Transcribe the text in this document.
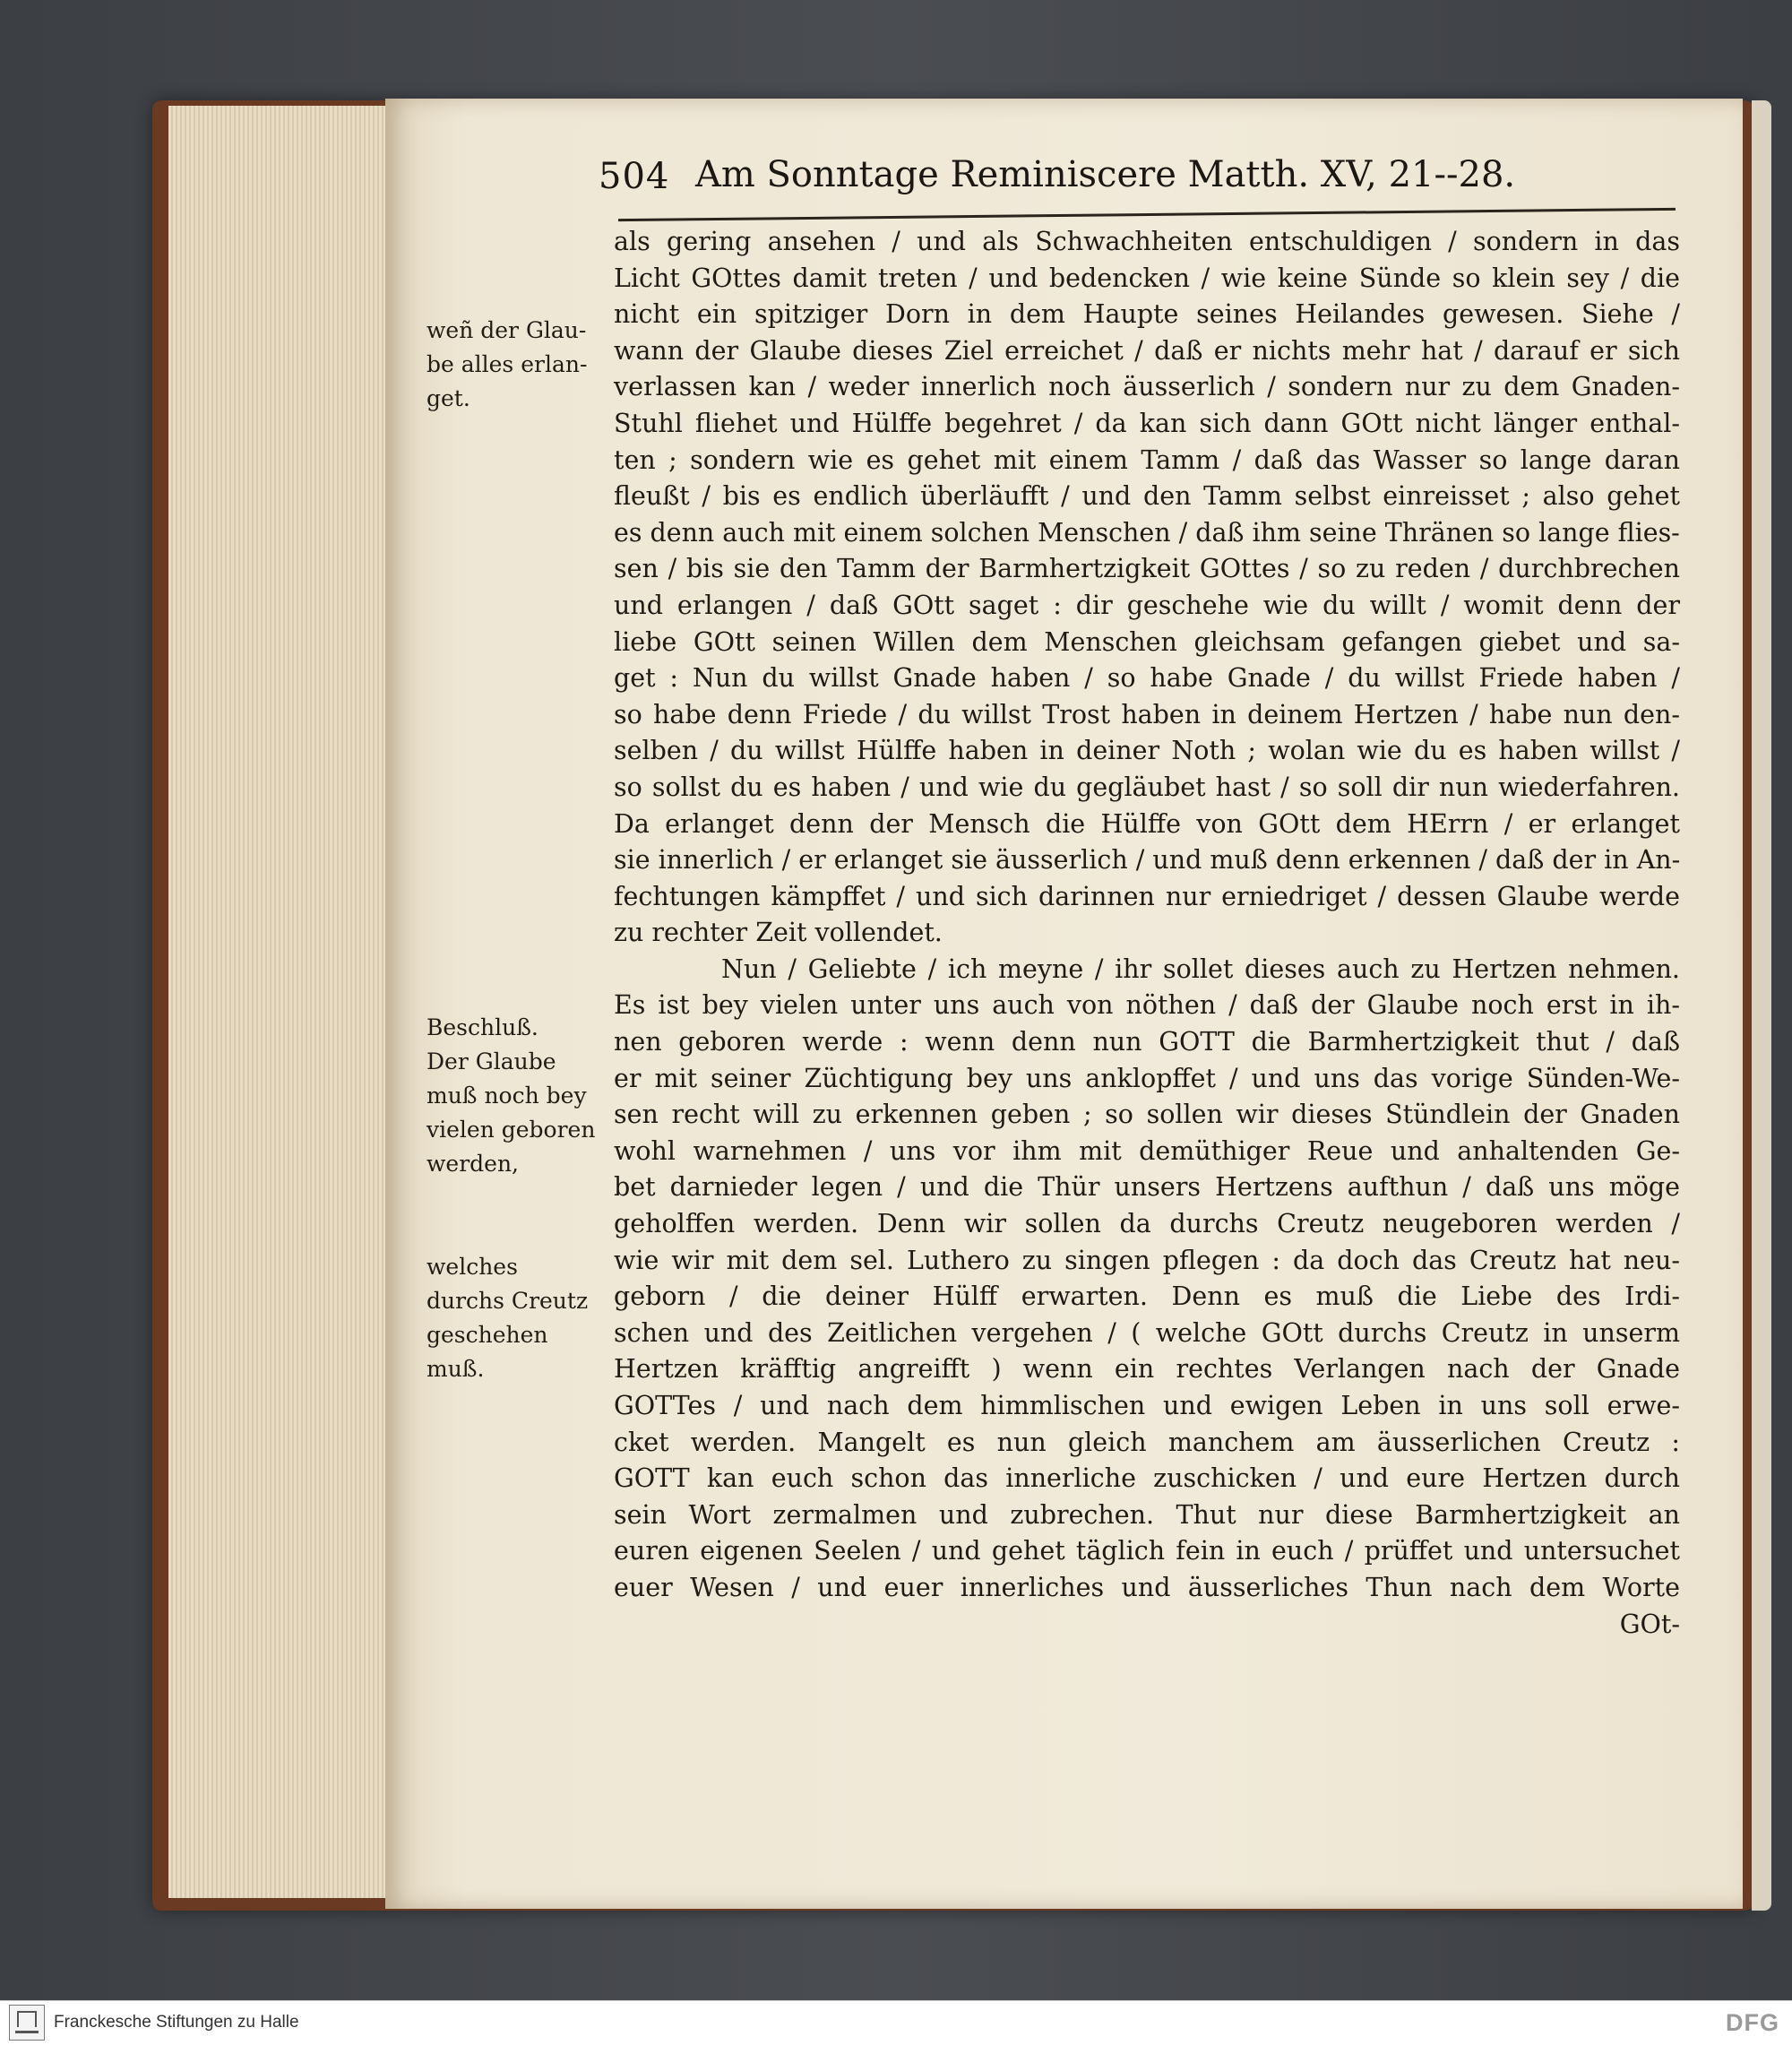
504 Am Sonntage Reminiscere Matth. XV, 21--28.
weñ der Glau-
be alles erlan-
get.
Beschluß.
Der Glaube
muß noch bey
vielen geboren
werden,
welches
durchs Creutz
geschehen
muß.
als gering ansehen / und als Schwachheiten entschuldigen / sondern in das
Licht GOttes damit treten / und bedencken / wie keine Sünde so klein sey / die
nicht ein spitziger Dorn in dem Haupte seines Heilandes gewesen. Siehe /
wann der Glaube dieses Ziel erreichet / daß er nichts mehr hat / darauf er sich
verlassen kan / weder innerlich noch äusserlich / sondern nur zu dem Gnaden-
Stuhl fliehet und Hülffe begehret / da kan sich dann GOtt nicht länger enthal-
ten ; sondern wie es gehet mit einem Tamm / daß das Wasser so lange daran
fleußt / bis es endlich überläufft / und den Tamm selbst einreisset ; also gehet
es denn auch mit einem solchen Menschen / daß ihm seine Thränen so lange flies-
sen / bis sie den Tamm der Barmhertzigkeit GOttes / so zu reden / durchbrechen
und erlangen / daß GOtt saget : dir geschehe wie du willt / womit denn der
liebe GOtt seinen Willen dem Menschen gleichsam gefangen giebet und sa-
get : Nun du willst Gnade haben / so habe Gnade / du willst Friede haben /
so habe denn Friede / du willst Trost haben in deinem Hertzen / habe nun den-
selben / du willst Hülffe haben in deiner Noth ; wolan wie du es haben willst /
so sollst du es haben / und wie du gegläubet hast / so soll dir nun wiederfahren.
Da erlanget denn der Mensch die Hülffe von GOtt dem HErrn / er erlanget
sie innerlich / er erlanget sie äusserlich / und muß denn erkennen / daß der in An-
fechtungen kämpffet / und sich darinnen nur erniedriget / dessen Glaube werde
zu rechter Zeit vollendet.
Nun / Geliebte / ich meyne / ihr sollet dieses auch zu Hertzen nehmen.
Es ist bey vielen unter uns auch von nöthen / daß der Glaube noch erst in ih-
nen geboren werde : wenn denn nun GOTT die Barmhertzigkeit thut / daß
er mit seiner Züchtigung bey uns anklopffet / und uns das vorige Sünden-We-
sen recht will zu erkennen geben ; so sollen wir dieses Stündlein der Gnaden
wohl warnehmen / uns vor ihm mit demüthiger Reue und anhaltenden Ge-
bet darnieder legen / und die Thür unsers Hertzens aufthun / daß uns möge
geholffen werden. Denn wir sollen da durchs Creutz neugeboren werden /
wie wir mit dem sel. Luthero zu singen pflegen : da doch das Creutz hat neu-
geborn / die deiner Hülff erwarten. Denn es muß die Liebe des Irdi-
schen und des Zeitlichen vergehen / ( welche GOtt durchs Creutz in unserm
Hertzen kräfftig angreifft ) wenn ein rechtes Verlangen nach der Gnade
GOTTes / und nach dem himmlischen und ewigen Leben in uns soll erwe-
cket werden. Mangelt es nun gleich manchem am äusserlichen Creutz :
GOTT kan euch schon das innerliche zuschicken / und eure Hertzen durch
sein Wort zermalmen und zubrechen. Thut nur diese Barmhertzigkeit an
euren eigenen Seelen / und gehet täglich fein in euch / prüffet und untersuchet
euer Wesen / und euer innerliches und äusserliches Thun nach dem Worte
GOt-
Franckesche Stiftungen zu Halle	DFG
